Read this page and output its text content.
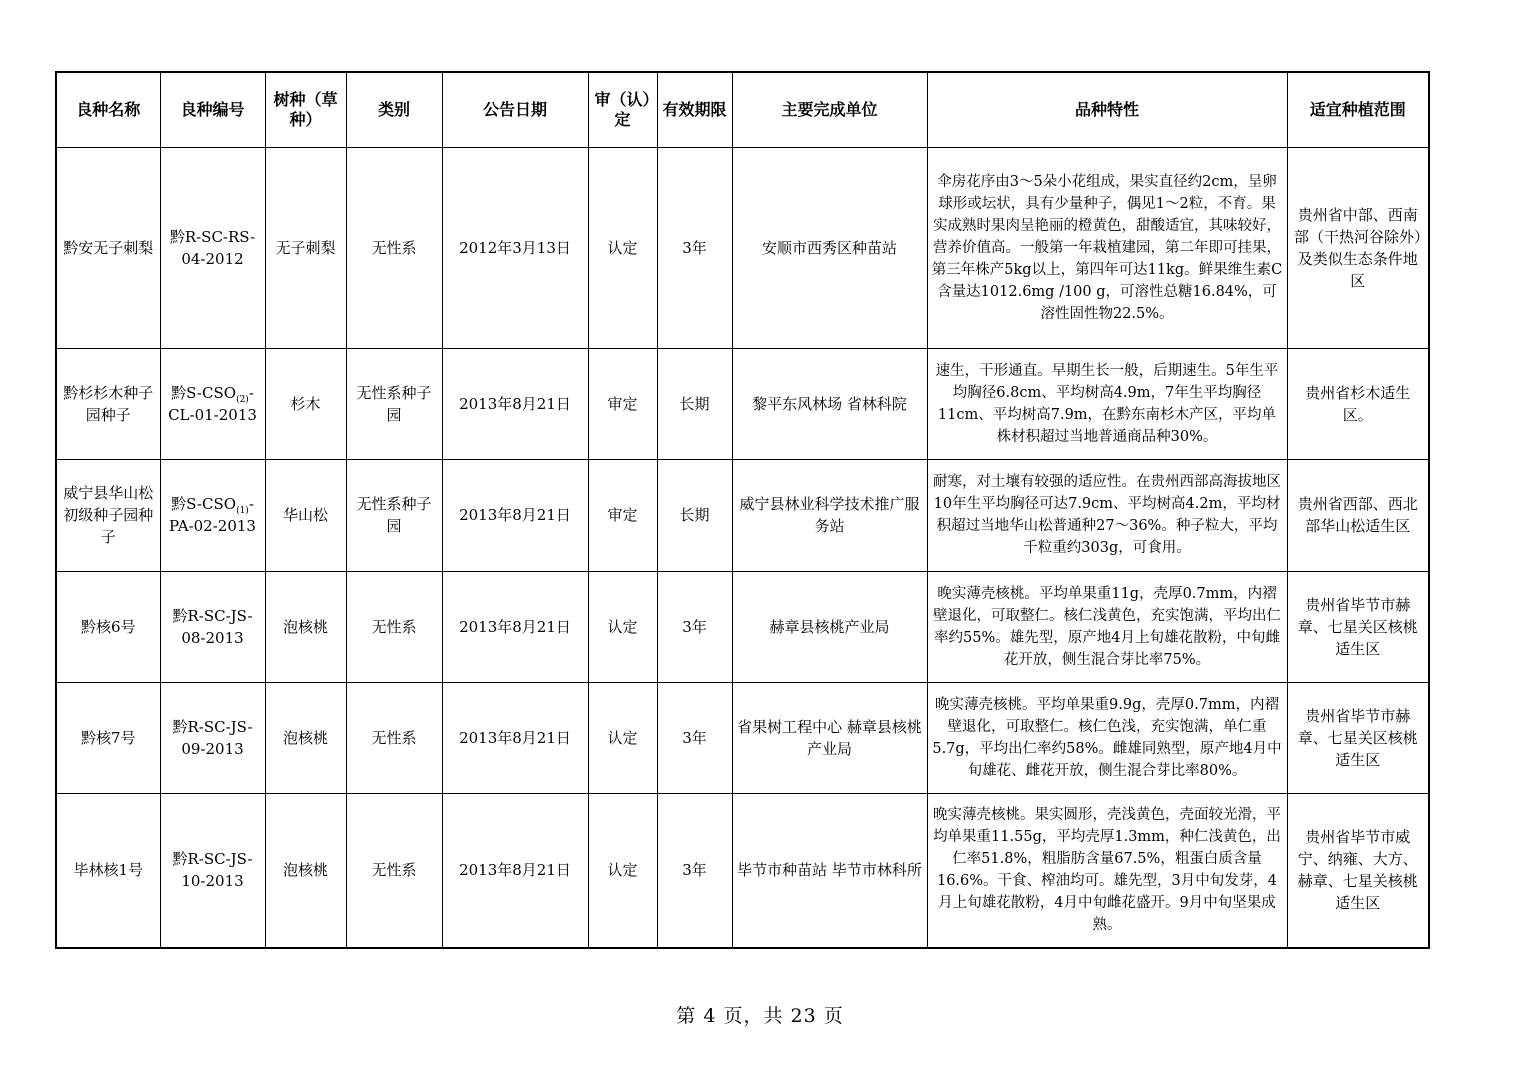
良种名称	良种编号	树种（草种）	类别	公告日期	审（认）定	有效期限	主要完成单位	品种特性	适宜种植范围
黔安无子刺梨	黔R-SC-RS-04-2012	无子刺梨	无性系	2012年3月13日	认定	3年	安顺市西秀区种苗站	伞房花序由3～5朵小花组成，果实直径约2cm，呈卵球形或坛状，具有少量种子，偶见1～2粒，不育。果实成熟时果肉呈艳丽的橙黄色，甜酸适宜，其味较好，营养价值高。一般第一年栽植建园，第二年即可挂果，第三年株产5kg以上，第四年可达11kg。鲜果维生素C 含量达1012.6mg /100 g，可溶性总糖16.84%，可溶性固性物22.5%。	贵州省中部、西南部（干热河谷除外）及类似生态条件地区
黔杉杉木种子园种子	黔$S-CSO_{(2)}-CL-01-2013$	杉木	无性系种子园	2013年8月21日	审定	长期	黎平东风林场 省林科院	速生，干形通直。早期生长一般，后期速生。5年生平均胸径6.8cm、平均树高4.9m，7年生平均胸径11cm、平均树高7.9m，在黔东南杉木产区，平均单株材积超过当地普通商品种30%。	贵州省杉木适生区。
威宁县华山松初级种子园种子	黔$S-CSO_{(1)}-PA-02-2013$	华山松	无性系种子园	2013年8月21日	审定	长期	威宁县林业科学技术推广服务站	耐寒，对土壤有较强的适应性。在贵州西部高海拔地区10年生平均胸径可达7.9cm、平均树高4.2m，平均材积超过当地华山松普通种27～36%。种子粒大，平均千粒重约303g，可食用。	贵州省西部、西北部华山松适生区
黔核6号	黔R-SC-JS-08-2013	泡核桃	无性系	2013年8月21日	认定	3年	赫章县核桃产业局	晚实薄壳核桃。平均单果重11g，壳厚0.7mm，内褶壁退化，可取整仁。核仁浅黄色，充实饱满，平均出仁率约55%。雄先型，原产地4月上旬雄花散粉，中旬雌花开放，侧生混合芽比率75%。	贵州省毕节市赫章、七星关区核桃适生区
黔核7号	黔R-SC-JS-09-2013	泡核桃	无性系	2013年8月21日	认定	3年	省果树工程中心 赫章县核桃产业局	晚实薄壳核桃。平均单果重9.9g，壳厚0.7mm，内褶壁退化，可取整仁。核仁色浅，充实饱满，单仁重5.7g，平均出仁率约58%。雌雄同熟型，原产地4月中旬雄花、雌花开放，侧生混合芽比率80%。	贵州省毕节市赫章、七星关区核桃适生区
毕林核1号	黔R-SC-JS-10-2013	泡核桃	无性系	2013年8月21日	认定	3年	毕节市种苗站 毕节市林科所	晚实薄壳核桃。果实圆形，壳浅黄色，壳面较光滑，平均单果重11.55g，平均壳厚1.3mm，种仁浅黄色，出仁率51.8%，粗脂肪含量67.5%，粗蛋白质含量16.6%。干食、榨油均可。雄先型，3月中旬发芽，4月上旬雄花散粉，4月中旬雌花盛开。9月中旬坚果成熟。	贵州省毕节市威宁、纳雍、大方、赫章、七星关核桃适生区
第 4 页，共 23 页
